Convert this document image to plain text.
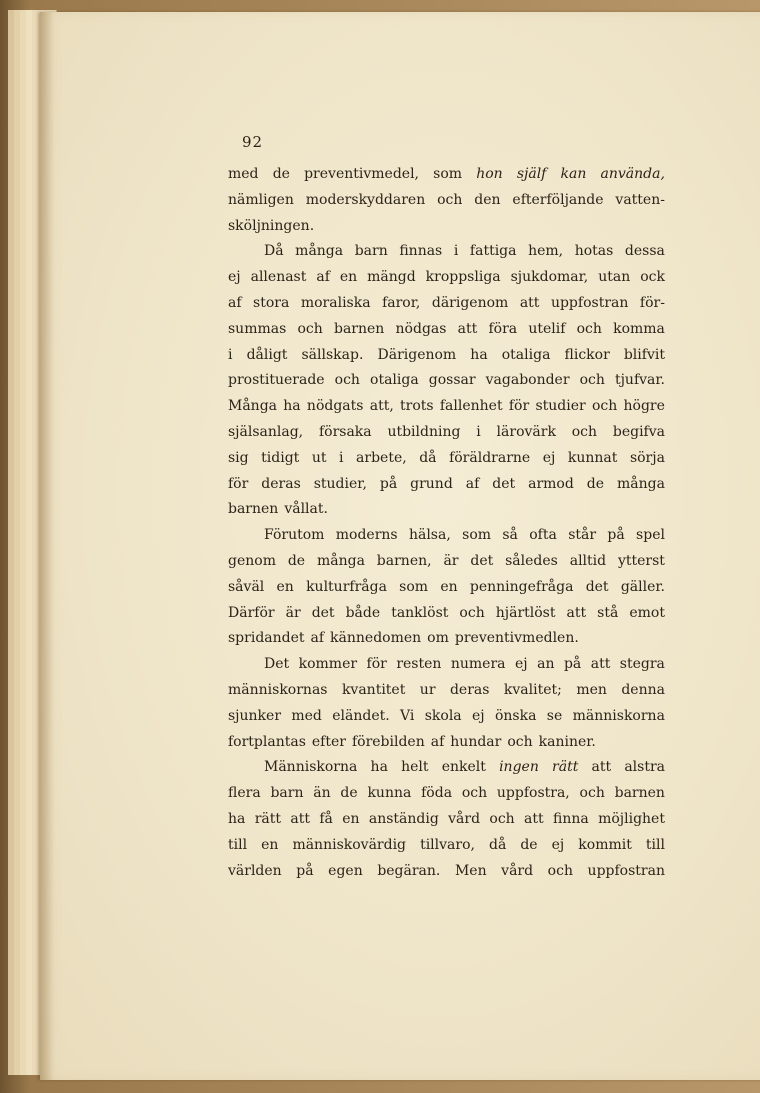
92
med de preventivmedel, som hon själf kan använda,
nämligen moderskyddaren och den efterföljande vatten-
sköljningen.
Då många barn finnas i fattiga hem, hotas dessa
ej allenast af en mängd kroppsliga sjukdomar, utan ock
af stora moraliska faror, därigenom att uppfostran för-
summas och barnen nödgas att föra utelif och komma
i dåligt sällskap. Därigenom ha otaliga flickor blifvit
prostituerade och otaliga gossar vagabonder och tjufvar.
Många ha nödgats att, trots fallenhet för studier och högre
själsanlag, försaka utbildning i lärovärk och begifva
sig tidigt ut i arbete, då föräldrarne ej kunnat sörja
för deras studier, på grund af det armod de många
barnen vållat.
Förutom moderns hälsa, som så ofta står på spel
genom de många barnen, är det således alltid ytterst
såväl en kulturfråga som en penningefråga det gäller.
Därför är det både tanklöst och hjärtlöst att stå emot
spridandet af kännedomen om preventivmedlen.
Det kommer för resten numera ej an på att stegra
människornas kvantitet ur deras kvalitet; men denna
sjunker med eländet. Vi skola ej önska se människorna
fortplantas efter förebilden af hundar och kaniner.
Människorna ha helt enkelt ingen rätt att alstra
flera barn än de kunna föda och uppfostra, och barnen
ha rätt att få en anständig vård och att finna möjlighet
till en människovärdig tillvaro, då de ej kommit till
världen på egen begäran. Men vård och uppfostran
